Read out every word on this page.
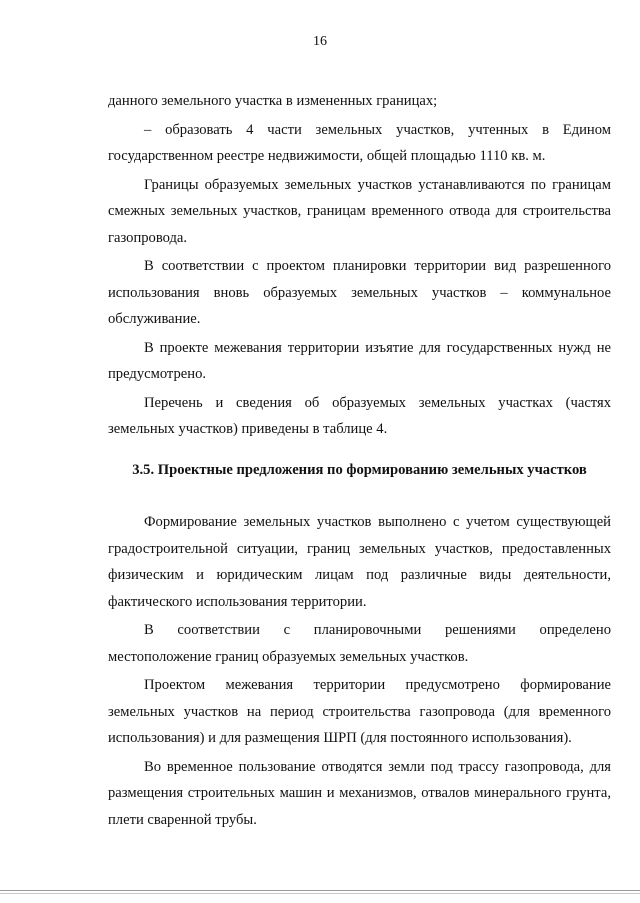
16

данного земельного участка в измененных границах;

– образовать 4 части земельных участков, учтенных в Едином государственном реестре недвижимости, общей площадью 1110 кв. м.

Границы образуемых земельных участков устанавливаются по границам смежных земельных участков, границам временного отвода для строительства газопровода.

В соответствии с проектом планировки территории вид разрешенного использования вновь образуемых земельных участков – коммунальное обслуживание.

В проекте межевания территории изъятие для государственных нужд не предусмотрено.

Перечень и сведения об образуемых земельных участках (частях земельных участков) приведены в таблице 4.

3.5. Проектные предложения по формированию земельных участков

Формирование земельных участков выполнено с учетом существующей градостроительной ситуации, границ земельных участков, предоставленных физическим и юридическим лицам под различные виды деятельности, фактического использования территории.

В соответствии с планировочными решениями определено местоположение границ образуемых земельных участков.

Проектом межевания территории предусмотрено формирование земельных участков на период строительства газопровода (для временного использования) и для размещения ШРП (для постоянного использования).

Во временное пользование отводятся земли под трассу газопровода, для размещения строительных машин и механизмов, отвалов минерального грунта, плети сваренной трубы.
